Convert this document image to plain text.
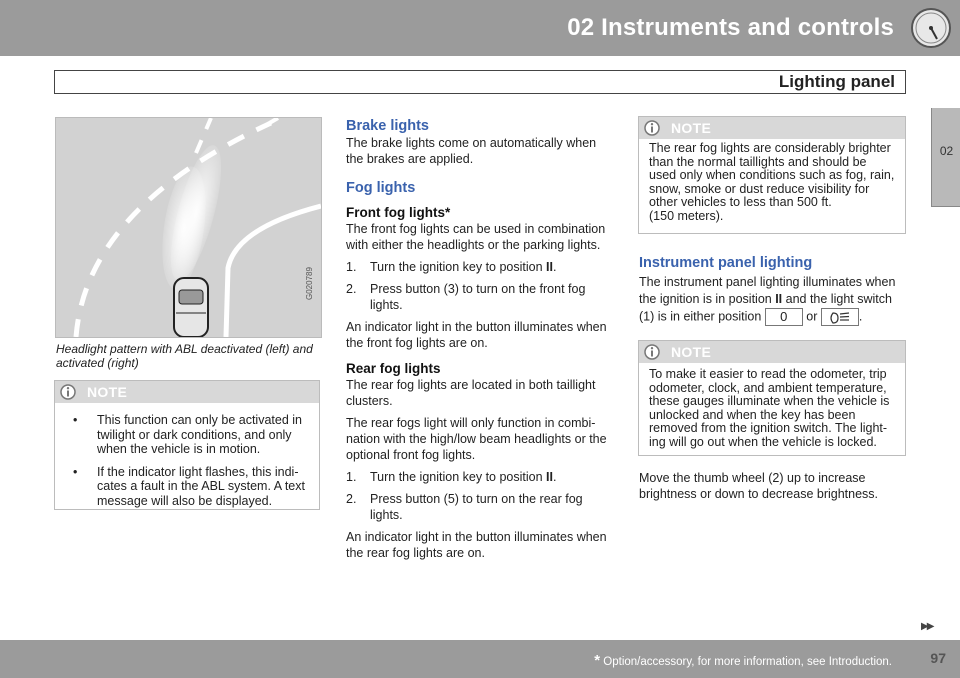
02 Instruments and controls
Lighting panel
02
G020789
Headlight pattern with ABL deactivated (left) and activated (right)
NOTE
• This function can only be activated in twilight or dark conditions, and only when the vehicle is in motion.
• If the indicator light flashes, this indi- cates a fault in the ABL system. A text message will also be displayed.
Brake lights
The brake lights come on automatically when the brakes are applied.
Fog lights
Front fog lights*
The front fog lights can be used in combination with either the headlights or the parking lights.
1. Turn the ignition key to position II.
2. Press button (3) to turn on the front fog lights.
An indicator light in the button illuminates when the front fog lights are on.
Rear fog lights
The rear fog lights are located in both taillight clusters.
The rear fogs light will only function in combi- nation with the high/low beam headlights or the optional front fog lights.
1. Turn the ignition key to position II.
2. Press button (5) to turn on the rear fog lights.
An indicator light in the button illuminates when the rear fog lights are on.
NOTE
The rear fog lights are considerably brighter than the normal taillights and should be used only when conditions such as fog, rain, snow, smoke or dust reduce visibility for other vehicles to less than 500 ft.
(150 meters).
Instrument panel lighting
The instrument panel lighting illuminates when the ignition is in position II and the light switch (1) is in either position 0 or	.
NOTE
To make it easier to read the odometer, trip odometer, clock, and ambient temperature, these gauges illuminate when the vehicle is unlocked and when the key has been removed from the ignition switch. The light- ing will go out when the vehicle is locked.
Move the thumb wheel (2) up to increase brightness or down to decrease brightness.
▶▶
* Option/accessory, for more information, see Introduction.	97
